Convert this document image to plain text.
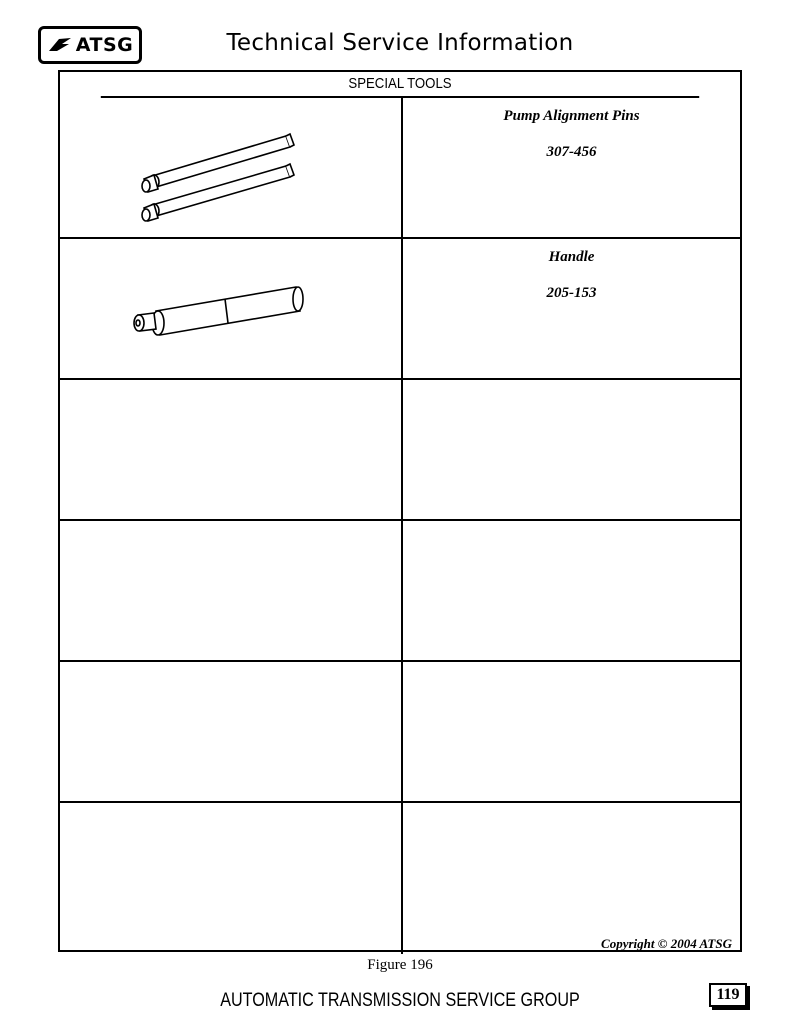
ATSG	Technical Service Information
SPECIAL TOOLS
Pump Alignment Pins
307-456
Handle
205-153
Copyright © 2004 ATSG
Figure 196
AUTOMATIC TRANSMISSION SERVICE GROUP	119
